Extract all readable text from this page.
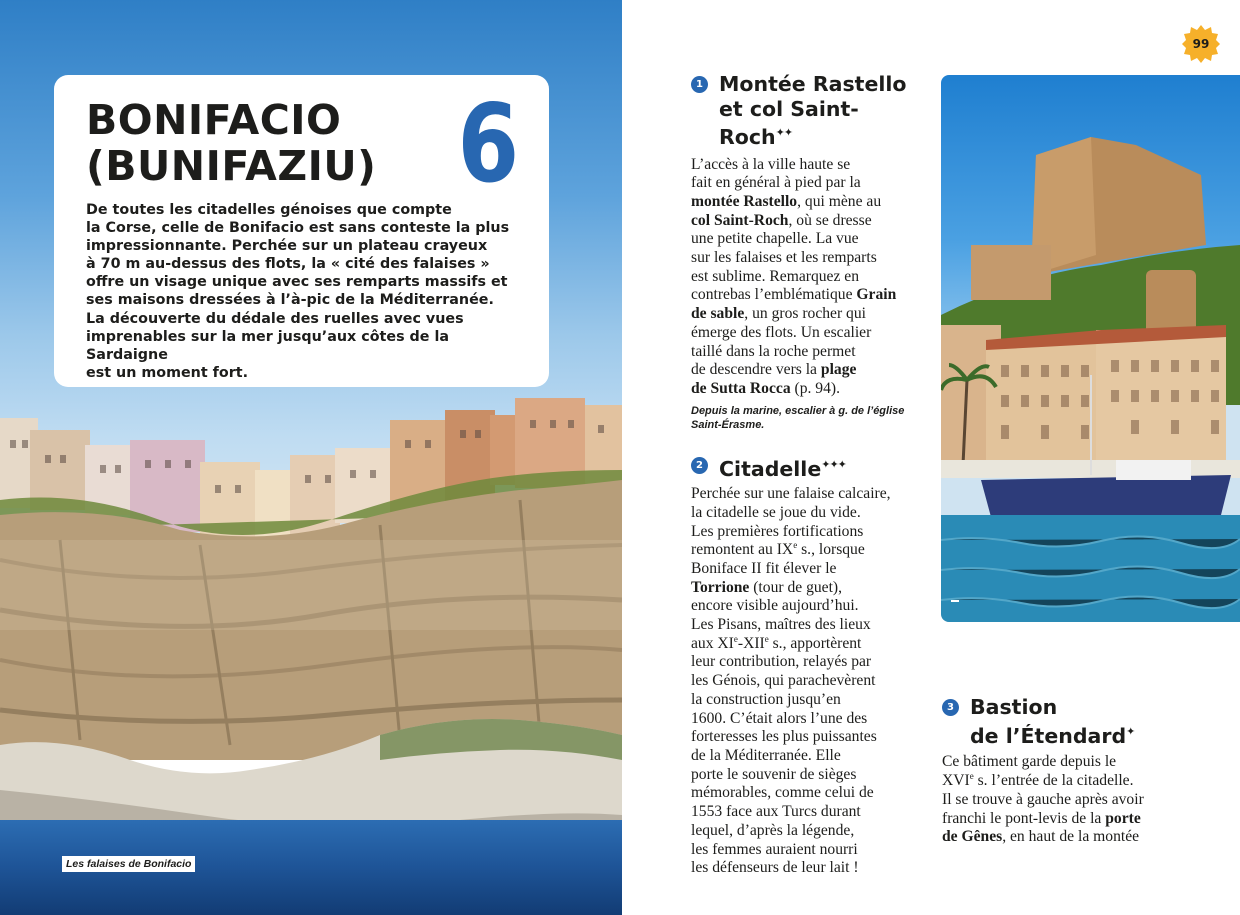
BONIFACIO
(BUNIFAZIU) 6

De toutes les citadelles génoises que compte
la Corse, celle de Bonifacio est sans conteste la plus
impressionnante. Perchée sur un plateau crayeux
à 70 m au-dessus des flots, la « cité des falaises »
offre un visage unique avec ses remparts massifs et
ses maisons dressées à l’à-pic de la Méditerranée.
La découverte du dédale des ruelles avec vues
imprenables sur la mer jusqu’aux côtes de la Sardaigne
est un moment fort.

Les falaises de Bonifacio
99
1 Montée Rastello
et col Saint-
Roch✦✦

L’accès à la ville haute se
fait en général à pied par la
montée Rastello, qui mène au
col Saint-Roch, où se dresse
une petite chapelle. La vue
sur les falaises et les remparts
est sublime. Remarquez en
contrebas l’emblématique Grain
de sable, un gros rocher qui
émerge des flots. Un escalier
taillé dans la roche permet
de descendre vers la plage
de Sutta Rocca (p. 94).

Depuis la marine, escalier à g. de l’église
Saint-Érasme.

2 Citadelle✦✦✦

Perchée sur une falaise calcaire,
la citadelle se joue du vide.
Les premières fortifications
remontent au IXe s., lorsque
Boniface II fit élever le
Torrione (tour de guet),
encore visible aujourd’hui.
Les Pisans, maîtres des lieux
aux XIe-XIIe s., apportèrent
leur contribution, relayés par
les Génois, qui parachevèrent
la construction jusqu’en
1600. C’était alors l’une des
forteresses les plus puissantes
de la Méditerranée. Elle
porte le souvenir de sièges
mémorables, comme celui de
1553 face aux Turcs durant
lequel, d’après la légende,
les femmes auraient nourri
les défenseurs de leur lait !

3 Bastion
de l’Étendard✦

Ce bâtiment garde depuis le
XVIe s. l’entrée de la citadelle.
Il se trouve à gauche après avoir
franchi le pont-levis de la porte
de Gênes, en haut de la montée
